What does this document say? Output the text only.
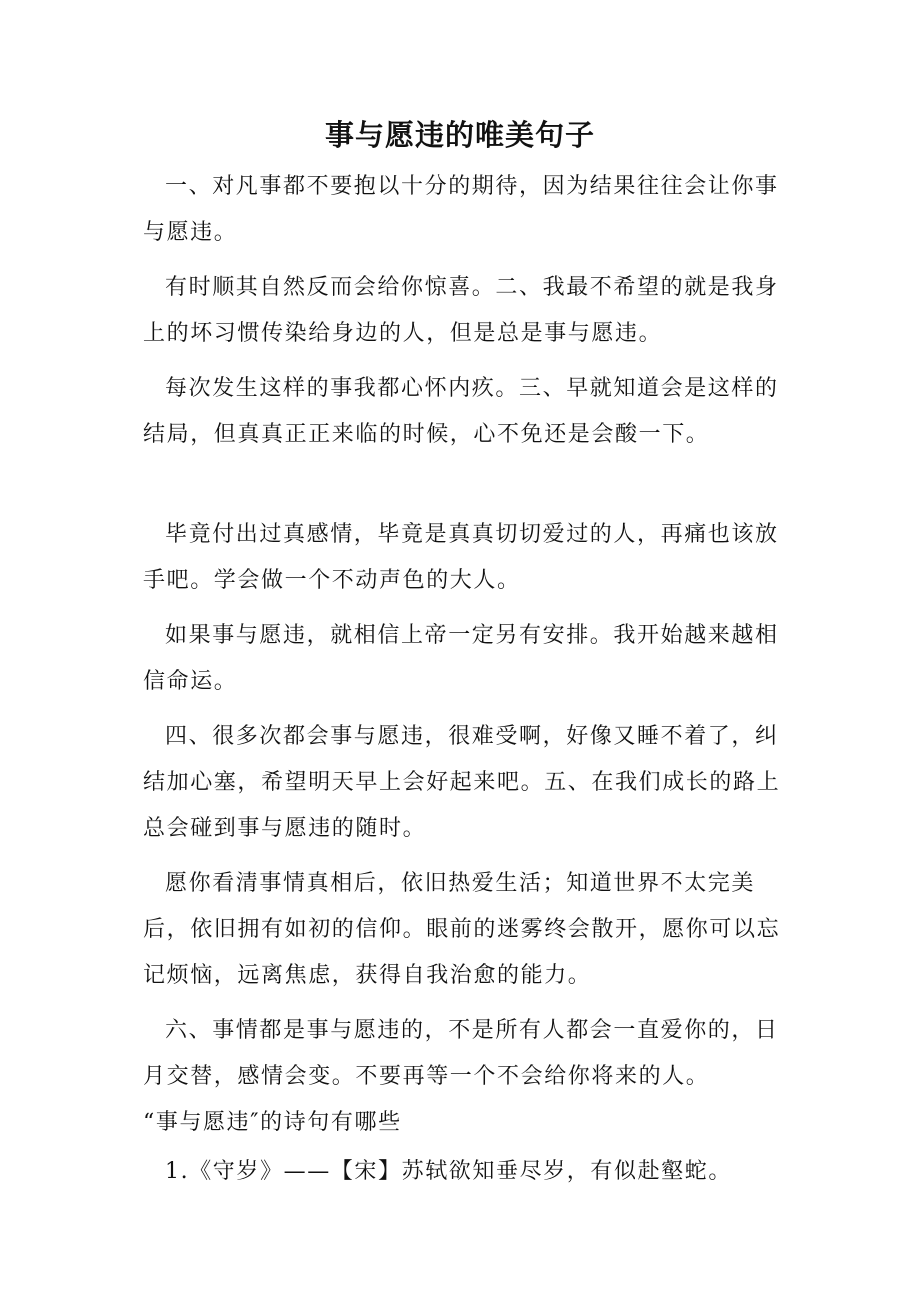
事与愿违的唯美句子

一、对凡事都不要抱以十分的期待，因为结果往往会让你事与愿违。

有时顺其自然反而会给你惊喜。二、我最不希望的就是我身上的坏习惯传染给身边的人，但是总是事与愿违。

每次发生这样的事我都心怀内疚。三、早就知道会是这样的结局，但真真正正来临的时候，心不免还是会酸一下。

毕竟付出过真感情，毕竟是真真切切爱过的人，再痛也该放手吧。学会做一个不动声色的大人。

如果事与愿违，就相信上帝一定另有安排。我开始越来越相信命运。

四、很多次都会事与愿违，很难受啊，好像又睡不着了，纠结加心塞，希望明天早上会好起来吧。五、在我们成长的路上总会碰到事与愿违的随时。

愿你看清事情真相后，依旧热爱生活；知道世界不太完美后，依旧拥有如初的信仰。眼前的迷雾终会散开，愿你可以忘记烦恼，远离焦虑，获得自我治愈的能力。

六、事情都是事与愿违的，不是所有人都会一直爱你的，日月交替，感情会变。不要再等一个不会给你将来的人。

“事与愿违″的诗句有哪些

1.《守岁》——【宋】苏轼欲知垂尽岁，有似赴壑蛇。
